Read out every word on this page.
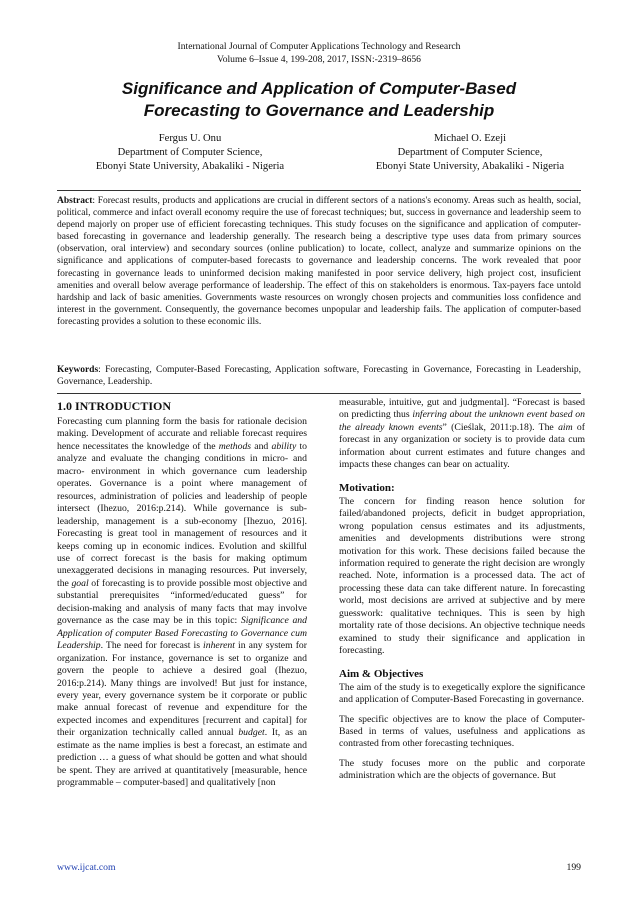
International Journal of Computer Applications Technology and Research
Volume 6–Issue 4, 199-208, 2017, ISSN:-2319–8656
Significance and Application of Computer-Based
Forecasting to Governance and Leadership
Fergus U. Onu
Department of Computer Science,
Ebonyi State University, Abakaliki - Nigeria
Michael O. Ezeji
Department of Computer Science,
Ebonyi State University, Abakaliki - Nigeria
Abstract: Forecast results, products and applications are crucial in different sectors of a nations's economy. Areas such as health, social, political, commerce and infact overall economy require the use of forecast techniques; but, success in governance and leadership seem to depend majorly on proper use of efficient forecasting techniques. This study focuses on the significance and application of computer-based forecasting in governance and leadership generally. The research being a descriptive type uses data from primary sources (observation, oral interview) and secondary sources (online publication) to locate, collect, analyze and summarize opinions on the significance and applications of computer-based forecasts to governance and leadership concerns. The work revealed that poor forecasting in governance leads to uninformed decision making manifested in poor service delivery, high project cost, insuficient amenities and overall below average performance of leadership. The effect of this on stakeholders is enormous. Tax-payers face untold hardship and lack of basic amenities. Governments waste resources on wrongly chosen projects and communities loss confidence and interest in the government. Consequently, the governance becomes unpopular and leadership fails. The application of computer-based forecasting provides a solution to these economic ills.
Keywords: Forecasting, Computer-Based Forecasting, Application software, Forecasting in Governance, Forecasting in Leadership, Governance, Leadership.
1.0 INTRODUCTION

Forecasting cum planning form the basis for rationale decision making. Development of accurate and reliable forecast requires hence necessitates the knowledge of the methods and ability to analyze and evaluate the changing conditions in micro- and macro- environment in which governance cum leadership operates. Governance is a point where management of resources, administration of policies and leadership of people intersect (Ihezuo, 2016:p.214). While governance is sub-leadership, management is a sub-economy [Ihezuo, 2016]. Forecasting is great tool in management of resources and it keeps coming up in economic indices. Evolution and skillful use of correct forecast is the basis for making optimum unexaggerated decisions in managing resources. Put inversely, the goal of forecasting is to provide possible most objective and substantial prerequisites “informed/educated guess” for decision-making and analysis of many facts that may involve governance as the case may be in this topic: Significance and Application of computer Based Forecasting to Governance cum Leadership. The need for forecast is inherent in any system for organization. For instance, governance is set to organize and govern the people to achieve a desired goal (Ihezuo, 2016:p.214). Many things are involved! But just for instance, every year, every governance system be it corporate or public make annual forecast of revenue and expenditure for the expected incomes and expenditures [recurrent and capital] for their organization technically called annual budget. It, as an estimate as the name implies is best a forecast, an estimate and prediction … a guess of what should be gotten and what should be spent. They are arrived at quantitatively [measurable, hence programmable – computer-based] and qualitatively [non

measurable, intuitive, gut and judgmental]. “Forecast is based on predicting thus inferring about the unknown event based on the already known events” (Cieślak, 2011:p.18). The aim of forecast in any organization or society is to provide data cum information about current estimates and future changes and impacts these changes can bear on actuality.

Motivation:

The concern for finding reason hence solution for failed/abandoned projects, deficit in budget appropriation, wrong population census estimates and its adjustments, amenities and developments distributions were strong motivation for this work. These decisions failed because the information required to generate the right decision are wrongly reached. Note, information is a processed data. The act of processing these data can take different nature. In forecasting world, most decisions are arrived at subjective and by mere guesswork: qualitative techniques. This is seen by high mortality rate of those decisions. An objective technique needs examined to study their significance and application in forecasting.

Aim & Objectives

The aim of the study is to exegetically explore the significance and application of Computer-Based Forecasting in governance.

The specific objectives are to know the place of Computer-Based in terms of values, usefulness and applications as contrasted from other forecasting techniques.

The study focuses more on the public and corporate administration which are the objects of governance. But

www.ijcat.com	199
